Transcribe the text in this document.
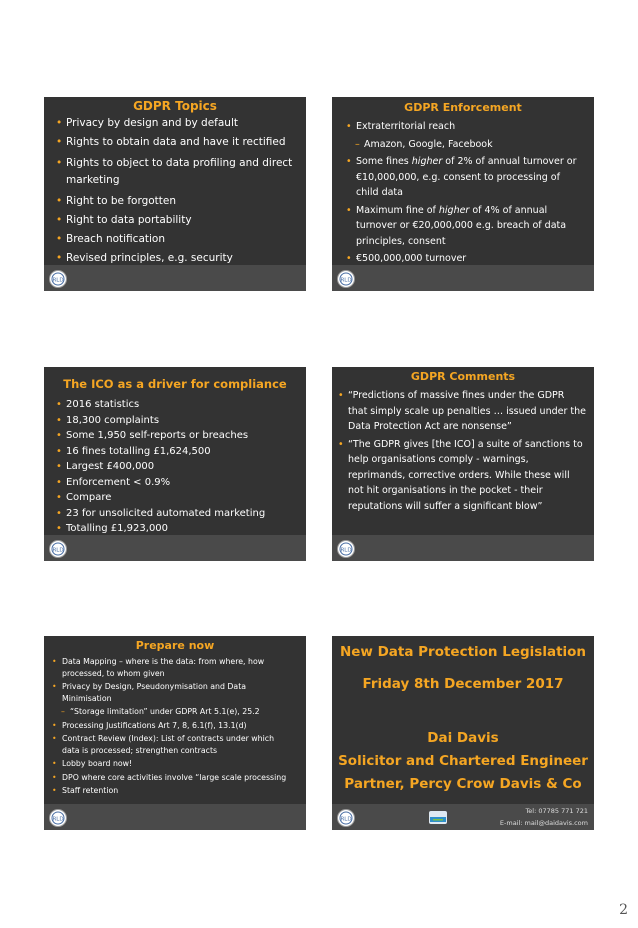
GDPR Topics
• Privacy by design and by default
• Rights to obtain data and have it rectified
• Rights to object to data profiling and direct marketing
• Right to be forgotten
• Right to data portability
• Breach notification
• Revised principles, e.g. security
RLD
GDPR Enforcement
• Extraterritorial reach
– Amazon, Google, Facebook
• Some fines higher of 2% of annual turnover or €10,000,000, e.g. consent to processing of child data
• Maximum fine of higher of 4% of annual turnover or €20,000,000 e.g. breach of data principles, consent
• €500,000,000 turnover
RLD
The ICO as a driver for compliance
• 2016 statistics
• 18,300 complaints
• Some 1,950 self-reports or breaches
• 16 fines totalling £1,624,500
• Largest £400,000
• Enforcement < 0.9%
• Compare
• 23 for unsolicited automated marketing
• Totalling £1,923,000
RLD
GDPR Comments
• “Predictions of massive fines under the GDPR that simply scale up penalties … issued under the Data Protection Act are nonsense”
• “The GDPR gives [the ICO] a suite of sanctions to help organisations comply - warnings, reprimands, corrective orders. While these will not hit organisations in the pocket - their reputations will suffer a significant blow”
RLD
Prepare now
• Data Mapping – where is the data: from where, how processed, to whom given
• Privacy by Design, Pseudonymisation and Data Minimisation
– “Storage limitation” under GDPR Art 5.1(e), 25.2
• Processing Justifications Art 7, 8, 6.1(f), 13.1(d)
• Contract Review (Index): List of contracts under which data is processed; strengthen contracts
• Lobby board now!
• DPO where core activities involve “large scale processing
• Staff retention
RLD
New Data Protection Legislation
Friday 8th December 2017
Dai Davis
Solicitor and Chartered Engineer
Partner, Percy Crow Davis & Co
RLD
Tel: 07785 771 721
E-mail: mail@daidavis.com
2
